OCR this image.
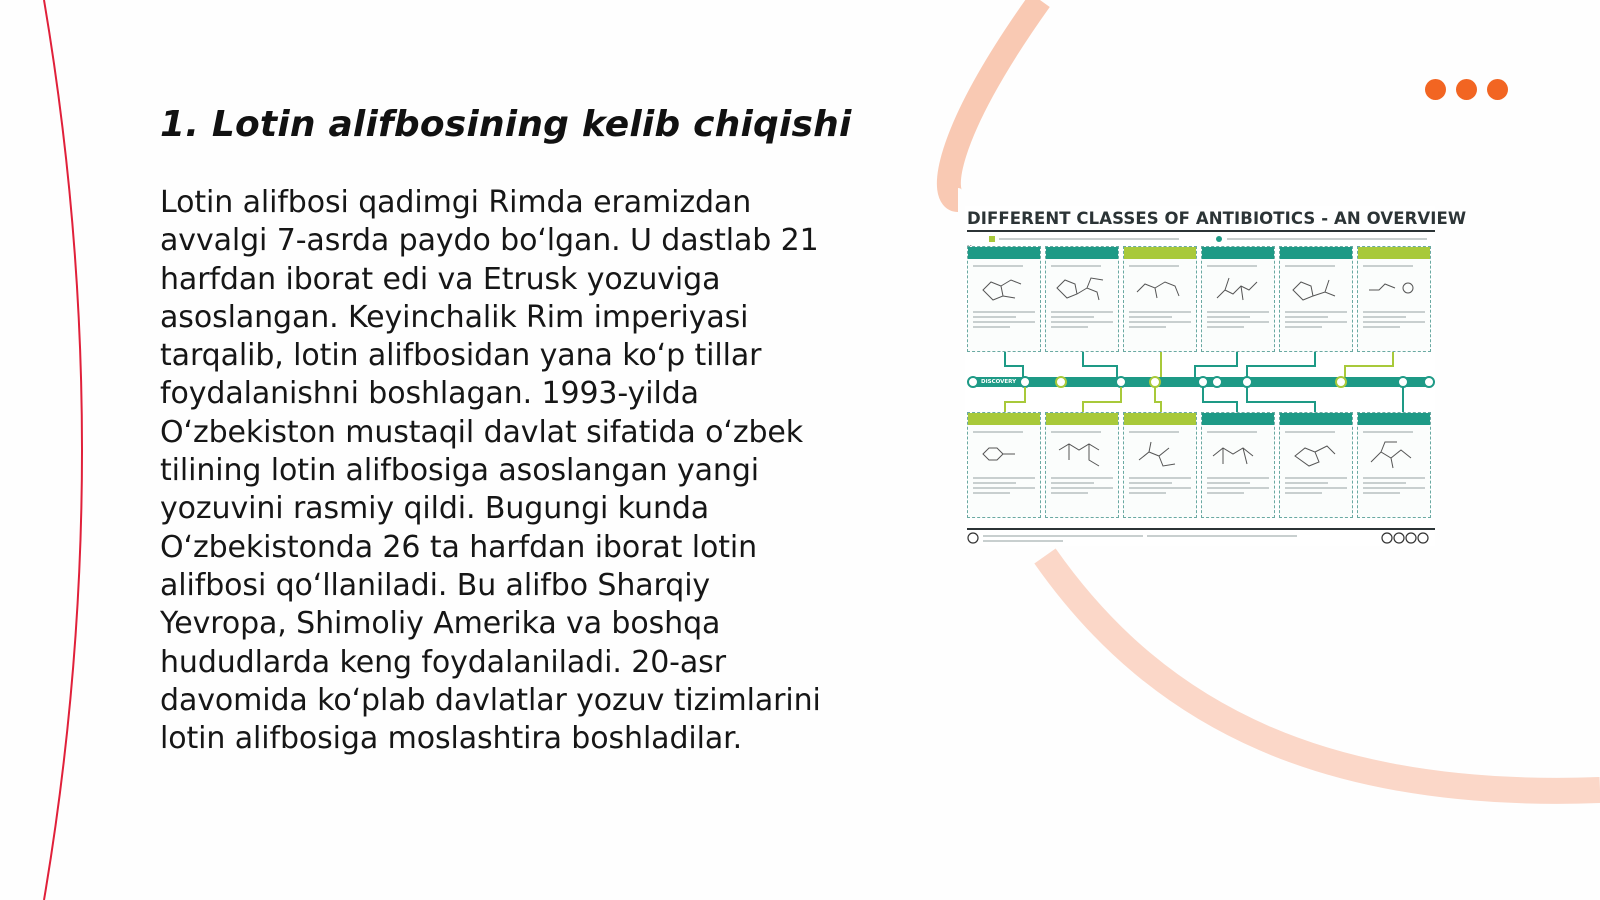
1. Lotin alifbosining kelib chiqishi

Lotin alifbosi qadimgi Rimda eramizdan avvalgi 7-asrda paydo bo‘lgan. U dastlab 21 harfdan iborat edi va Etrusk yozuviga asoslangan. Keyinchalik Rim imperiyasi tarqalib, lotin alifbosidan yana ko‘p tillar foydalanishni boshlagan. 1993-yilda O‘zbekiston mustaqil davlat sifatida o‘zbek tilining lotin alifbosiga asoslangan yangi yozuvini rasmiy qildi. Bugungi kunda O‘zbekistonda 26 ta harfdan iborat lotin alifbosi qo‘llaniladi. Bu alifbo Sharqiy Yevropa, Shimoliy Amerika va boshqa hududlarda keng foydalaniladi. 20-asr davomida ko‘plab davlatlar yozuv tizimlarini lotin alifbosiga moslashtira boshladilar.

DIFFERENT CLASSES OF ANTIBIOTICS - AN OVERVIEW
DISCOVERY
